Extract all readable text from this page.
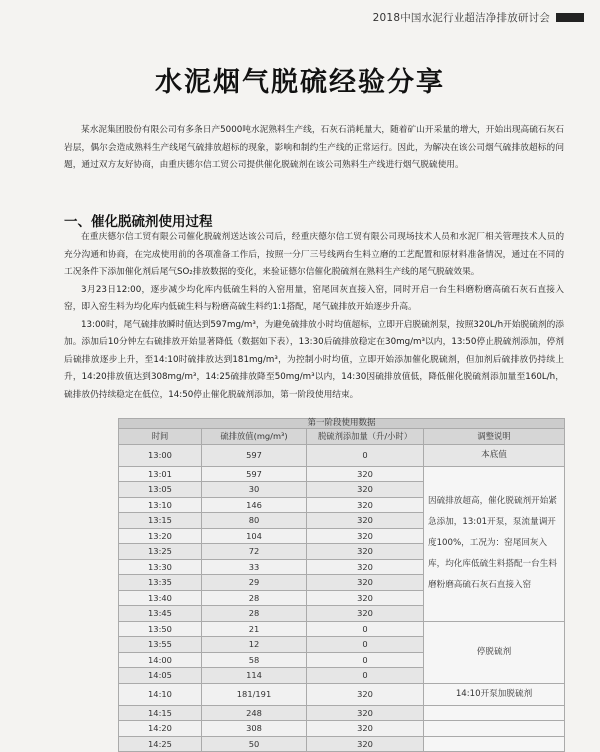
2018中国水泥行业超洁净排放研讨会
水泥烟气脱硫经验分享

某水泥集团股份有限公司有多条日产5000吨水泥熟料生产线，石灰石消耗量大，随着矿山开采量的增大，开始出现高硫石灰石岩层，偶尔会造成熟料生产线尾气硫排放超标的现象，影响和制约生产线的正常运行。因此，为解决在该公司烟气硫排放超标的问题，通过双方友好协商，由重庆德尔信工贸公司提供催化脱硫剂在该公司熟料生产线进行烟气脱硫使用。

一、催化脱硫剂使用过程

在重庆德尔信工贸有限公司催化脱硫剂送达该公司后，经重庆德尔信工贸有限公司现场技术人员和水泥厂相关管理技术人员的充分沟通和协商，在完成使用前的各项准备工作后，按照一分厂三号线两台生料立磨的工艺配置和原材料准备情况，通过在不同的工况条件下添加催化剂后尾气SO₂排放数据的变化，来验证德尔信催化脱硫剂在熟料生产线的尾气脱硫效果。

3月23日12:00，逐步减少均化库内低硫生料的入窑用量，窑尾回灰直接入窑，同时开启一台生料磨粉磨高硫石灰石直接入窑，即入窑生料为均化库内低硫生料与粉磨高硫生料约1:1搭配，尾气硫排放开始逐步升高。

13:00时，尾气硫排放瞬时值达到597mg/m³，为避免硫排放小时均值超标，立即开启脱硫剂泵，按照320L/h开始脱硫剂的添加。添加后10分钟左右硫排放开始显著降低（数据如下表），13:30后硫排放稳定在30mg/m³以内，13:50停止脱硫剂添加，停剂后硫排放逐步上升，至14:10时硫排放达到181mg/m³，为控制小时均值，立即开始添加催化脱硫剂，但加剂后硫排放仍持续上升，14:20排放值达到308mg/m³，14:25硫排放降至50mg/m³以内，14:30因硫排放值低，降低催化脱硫剂添加量至160L/h，硫排放仍持续稳定在低位，14:50停止催化脱硫剂添加，第一阶段使用结束。

第一阶段使用数据			
时间	硫排放值(mg/m³)	脱硫剂添加量（升/小时）	调整说明
13:00	597	0	本底值
13:01	597	320	因硫排放超高，催化脱硫剂开始紧急添加，13:01开泵，泵流量调开度100%，工况为：窑尾回灰入库，均化库低硫生料搭配一台生料磨粉磨高硫石灰石直接入窑
13:05	30	320	
13:10	146	320	
13:15	80	320	
13:20	104	320	
13:25	72	320	
13:30	33	320	
13:35	29	320	
13:40	28	320	
13:45	28	320	
13:50	21	0	停脱硫剂
13:55	12	0	
14:00	58	0	
14:05	114	0	
14:10	181/191	320	14:10开泵加脱硫剂
14:15	248	320	
14:20	308	320	
14:25	50	320	
